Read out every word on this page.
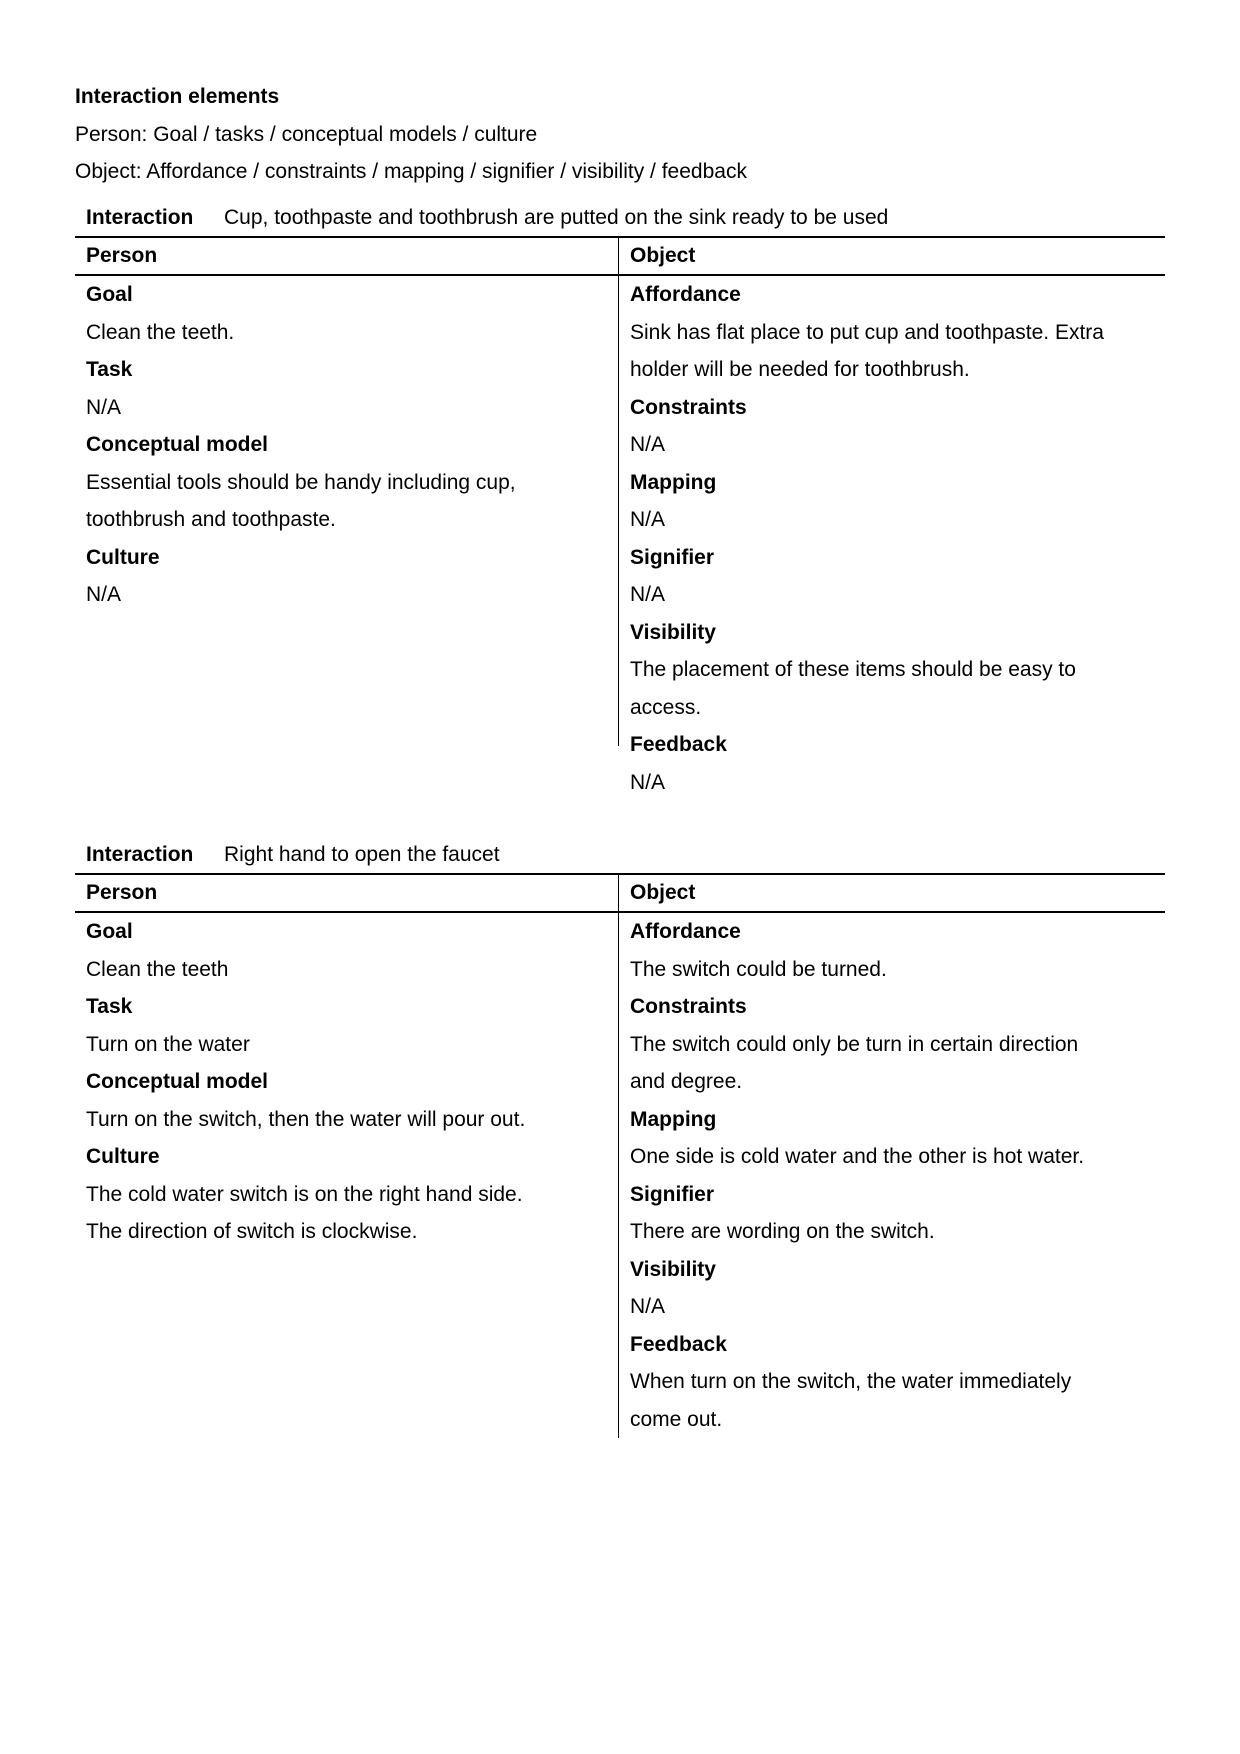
Interaction elements
Person: Goal / tasks / conceptual models / culture
Object: Affordance / constraints / mapping / signifier / visibility / feedback
Interaction Cup, toothpaste and toothbrush are putted on the sink ready to be used
Person	Object
Goal
Clean the teeth.
Task
N/A
Conceptual model
Essential tools should be handy including cup,
toothbrush and toothpaste.
Culture
N/A
Affordance
Sink has flat place to put cup and toothpaste. Extra
holder will be needed for toothbrush.
Constraints
N/A
Mapping
N/A
Signifier
N/A
Visibility
The placement of these items should be easy to
access.
Feedback
N/A
Interaction Right hand to open the faucet
Person	Object
Goal
Clean the teeth
Task
Turn on the water
Conceptual model
Turn on the switch, then the water will pour out.
Culture
The cold water switch is on the right hand side.
The direction of switch is clockwise.
Affordance
The switch could be turned.
Constraints
The switch could only be turn in certain direction
and degree.
Mapping
One side is cold water and the other is hot water.
Signifier
There are wording on the switch.
Visibility
N/A
Feedback
When turn on the switch, the water immediately
come out.
